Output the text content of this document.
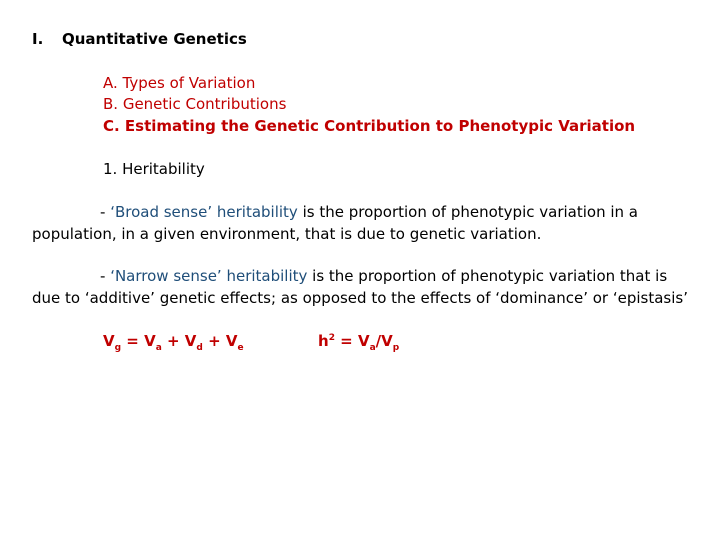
I. Quantitative Genetics
A. Types of Variation
B. Genetic Contributions
C. Estimating the Genetic Contribution to Phenotypic Variation
1. Heritability
- ‘Broad sense’ heritability is the proportion of phenotypic variation in a
population, in a given environment, that is due to genetic variation.
- ‘Narrow sense’ heritability is the proportion of phenotypic variation that is
due to ‘additive’ genetic effects; as opposed to the effects of ‘dominance’ or ‘epistasis’
$V_g = V_a + V_d + V_e$	$h^2 = V_a/V_p$
